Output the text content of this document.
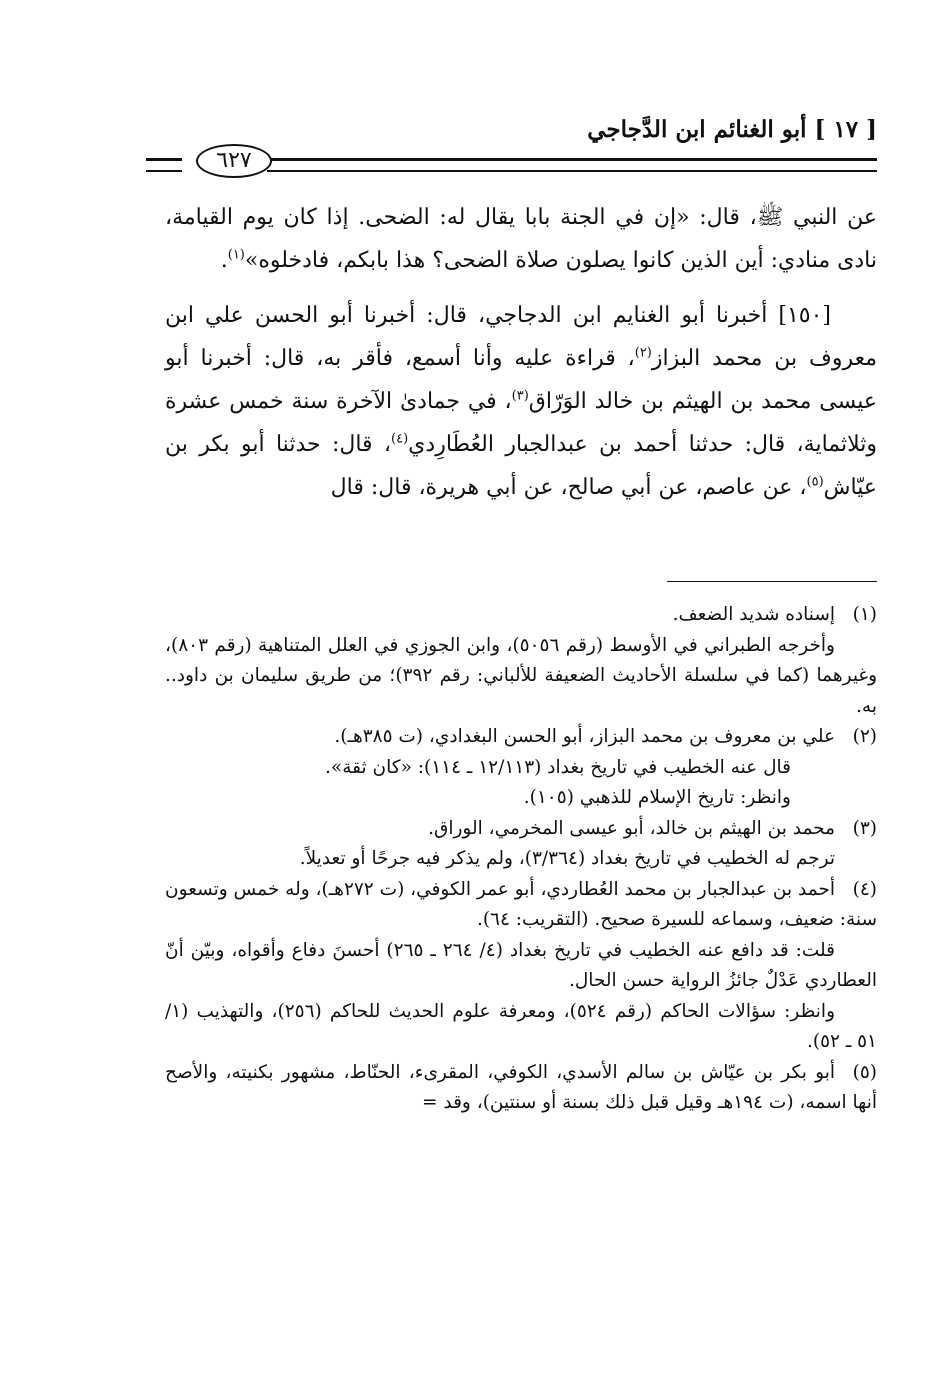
[ ١٧ ] أبو الغنائم ابن الدَّجاجي
٦٢٧

عن النبي ﷺ، قال: «إن في الجنة بابا يقال له: الضحى. إذا كان يوم القيامة، نادى منادي: أين الذين كانوا يصلون صلاة الضحى؟ هذا بابكم، فادخلوه»$^{(١)}$.

[١٥٠] أخبرنا أبو الغنايم ابن الدجاجي، قال: أخبرنا أبو الحسن علي ابن معروف بن محمد البزاز$^{(٢)}$، قراءة عليه وأنا أسمع، فأقر به، قال: أخبرنا أبو عيسى محمد بن الهيثم بن خالد الوَرّاق$^{(٣)}$، في جمادىٰ الآخرة سنة خمس عشرة وثلاثماية، قال: حدثنا أحمد بن عبدالجبار العُطَارِدي$^{(٤)}$، قال: حدثنا أبو بكر بن عيّاش$^{(٥)}$، عن عاصم، عن أبي صالح، عن أبي هريرة، قال: قال

(١)إسناده شديد الضعف.

وأخرجه الطبراني في الأوسط (رقم ٥٠٥٦)، وابن الجوزي في العلل المتناهية (رقم ٨٠٣)، وغيرهما (كما في سلسلة الأحاديث الضعيفة للألباني: رقم ٣٩٢)؛ من طريق سليمان بن داود.. به.

(٢)علي بن معروف بن محمد البزاز، أبو الحسن البغدادي، (ت ٣٨٥هـ).

قال عنه الخطيب في تاريخ بغداد (١٢/١١٣ ـ ١١٤): «كان ثقة».

وانظر: تاريخ الإسلام للذهبي (١٠٥).

(٣)محمد بن الهيثم بن خالد، أبو عيسى المخرمي، الوراق.

ترجم له الخطيب في تاريخ بغداد (٣/٣٦٤)، ولم يذكر فيه جرحًا أو تعديلاً.

(٤)أحمد بن عبدالجبار بن محمد العُطاردي، أبو عمر الكوفي، (ت ٢٧٢هـ)، وله خمس وتسعون سنة: ضعيف، وسماعه للسيرة صحيح. (التقريب: ٦٤).

قلت: قد دافع عنه الخطيب في تاريخ بغداد (٤/ ٢٦٤ ـ ٢٦٥) أحسنَ دفاع وأقواه، وبيّن أنّ العطاردي عَدْلٌ جائزُ الرواية حسن الحال.

وانظر: سؤالات الحاكم (رقم ٥٢٤)، ومعرفة علوم الحديث للحاكم (٢٥٦)، والتهذيب (١/ ٥١ ـ ٥٢).

(٥)أبو بكر بن عيّاش بن سالم الأسدي، الكوفي، المقرىء، الحنّاط، مشهور بكنيته، والأصح أنها اسمه، (ت ١٩٤هـ وقيل قبل ذلك بسنة أو سنتين)، وقد =
